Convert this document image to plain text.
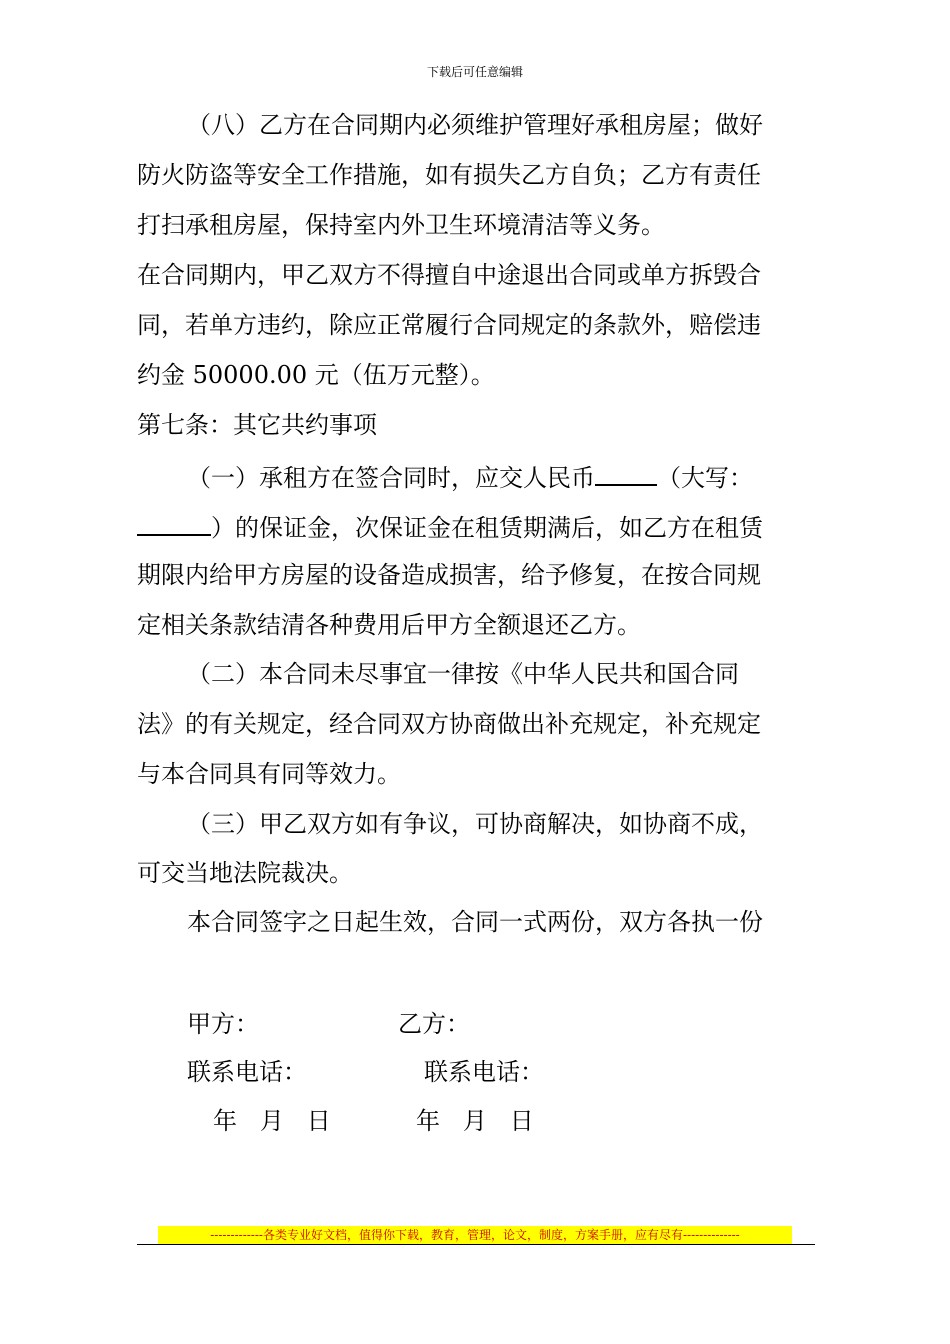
下载后可任意编辑
（八）乙方在合同期内必须维护管理好承租房屋；做好
防火防盗等安全工作措施，如有损失乙方自负；乙方有责任
打扫承租房屋，保持室内外卫生环境清洁等义务。
在合同期内，甲乙双方不得擅自中途退出合同或单方拆毁合
同，若单方违约，除应正常履行合同规定的条款外，赔偿违
约金 50000.00 元（伍万元整）。
第七条：其它共约事项
（一）承租方在签合同时，应交人民币	（大写：
）的保证金，次保证金在租赁期满后，如乙方在租赁
期限内给甲方房屋的设备造成损害，给予修复，在按合同规
定相关条款结清各种费用后甲方全额退还乙方。
（二）本合同未尽事宜一律按《中华人民共和国合同
法》的有关规定，经合同双方协商做出补充规定，补充规定
与本合同具有同等效力。
（三）甲乙双方如有争议，可协商解决，如协商不成，
可交当地法院裁决。
本合同签字之日起生效，合同一式两份，双方各执一份
甲方：	乙方：
联系电话：	联系电话：
年   月   日	年   月   日
-------------各类专业好文档，值得你下载，教育，管理，论文，制度，方案手册，应有尽有--------------
